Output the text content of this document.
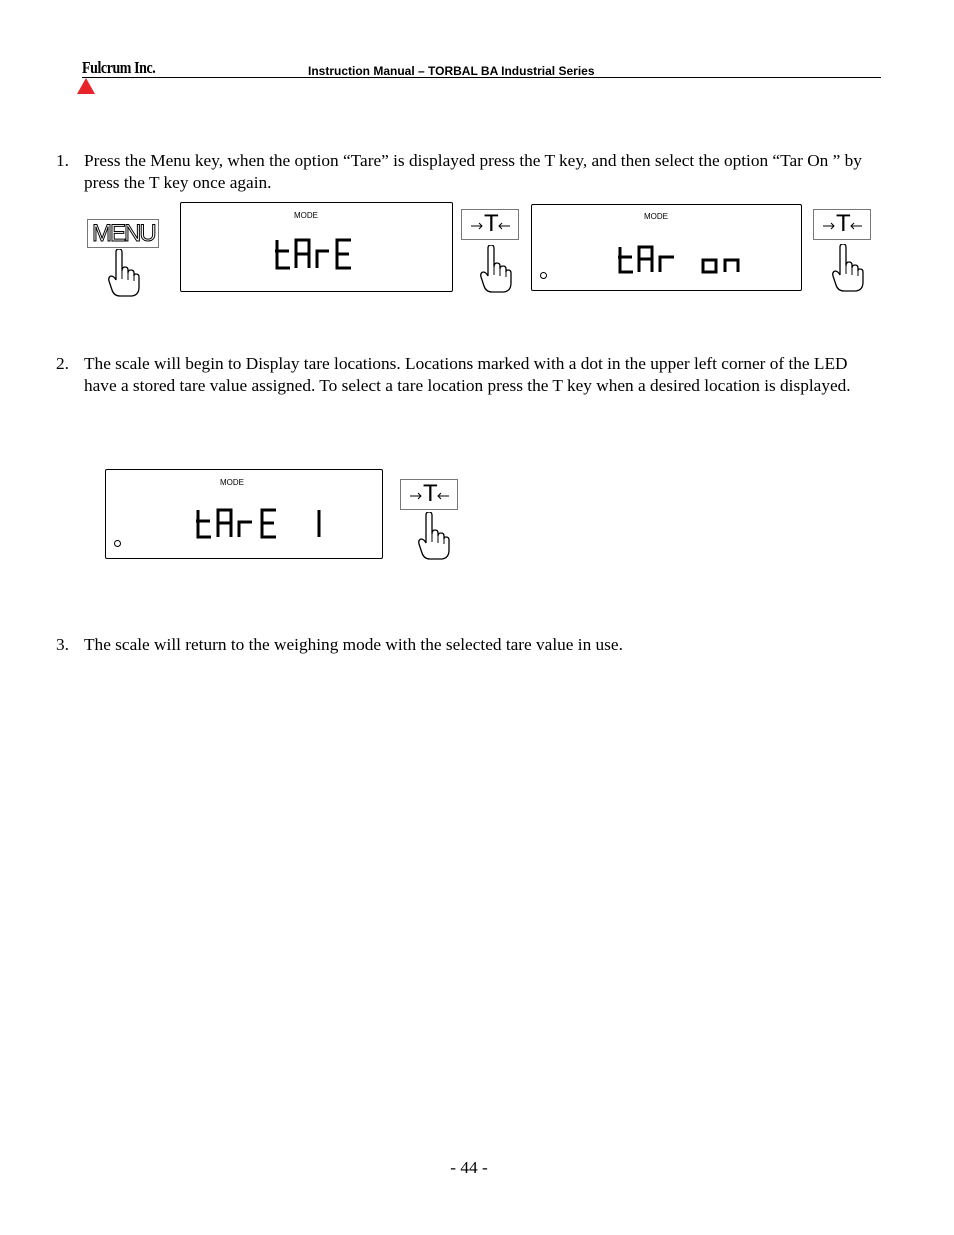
Fulcrum Inc.	Instruction Manual – TORBAL BA Industrial Series
1. Press the Menu key, when the option “Tare” is displayed press the T key, and then select the option “Tar On ” by press the T key once again.
MENU
MODE	T	MODE	T
2. The scale will begin to Display tare locations. Locations marked with a dot in the upper left corner of the LED have a stored tare value assigned. To select a tare location press the T key when a desired location is displayed.
MODE	T
3. The scale will return to the weighing mode with the selected tare value in use.
- 44 -
